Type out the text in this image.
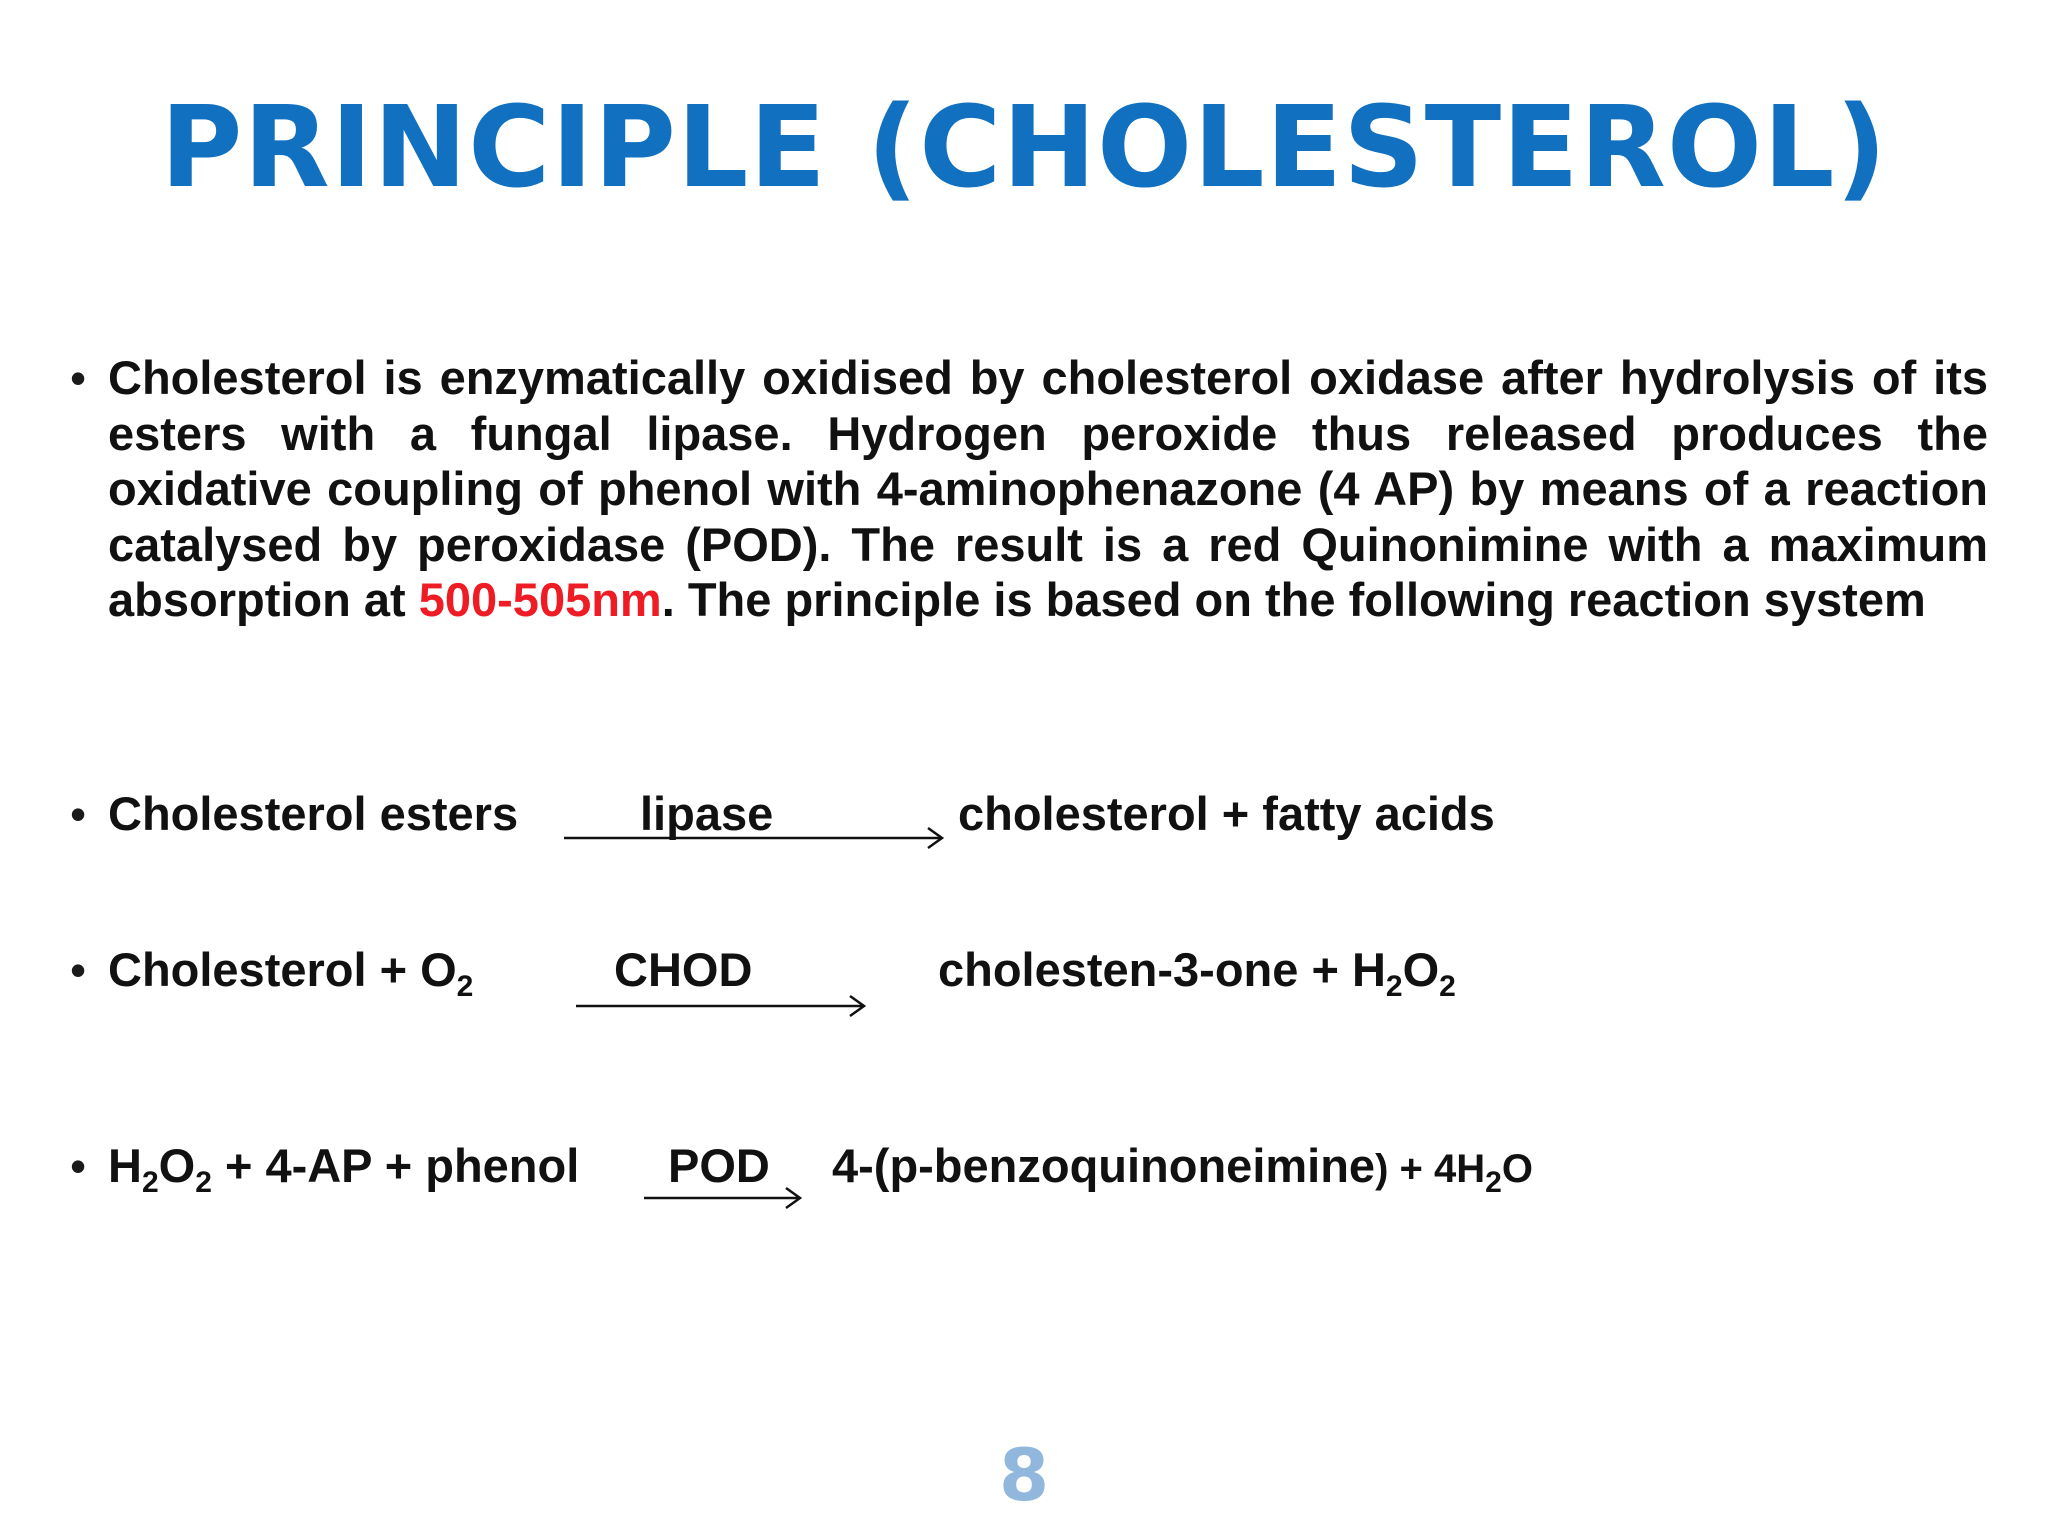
PRINCIPLE (CHOLESTEROL)
• Cholesterol is enzymatically oxidised by cholesterol oxidase after hydrolysis of its esters with a fungal lipase. Hydrogen peroxide thus released produces the oxidative coupling of phenol with 4-aminophenazone (4 AP) by means of a reaction catalysed by peroxidase (POD). The result is a red Quinonimine with a maximum absorption at 500-505nm. The principle is based on the following reaction system
• Cholesterol esters	lipase	cholesterol + fatty acids
• Cholesterol + $O_2$	CHOD	cholesten-3-one + $H_2O_2$
• $H_2O_2 + 4-AP$ + phenol POD 4-(p-benzoquinoneimine) + $4H_2O$
8
